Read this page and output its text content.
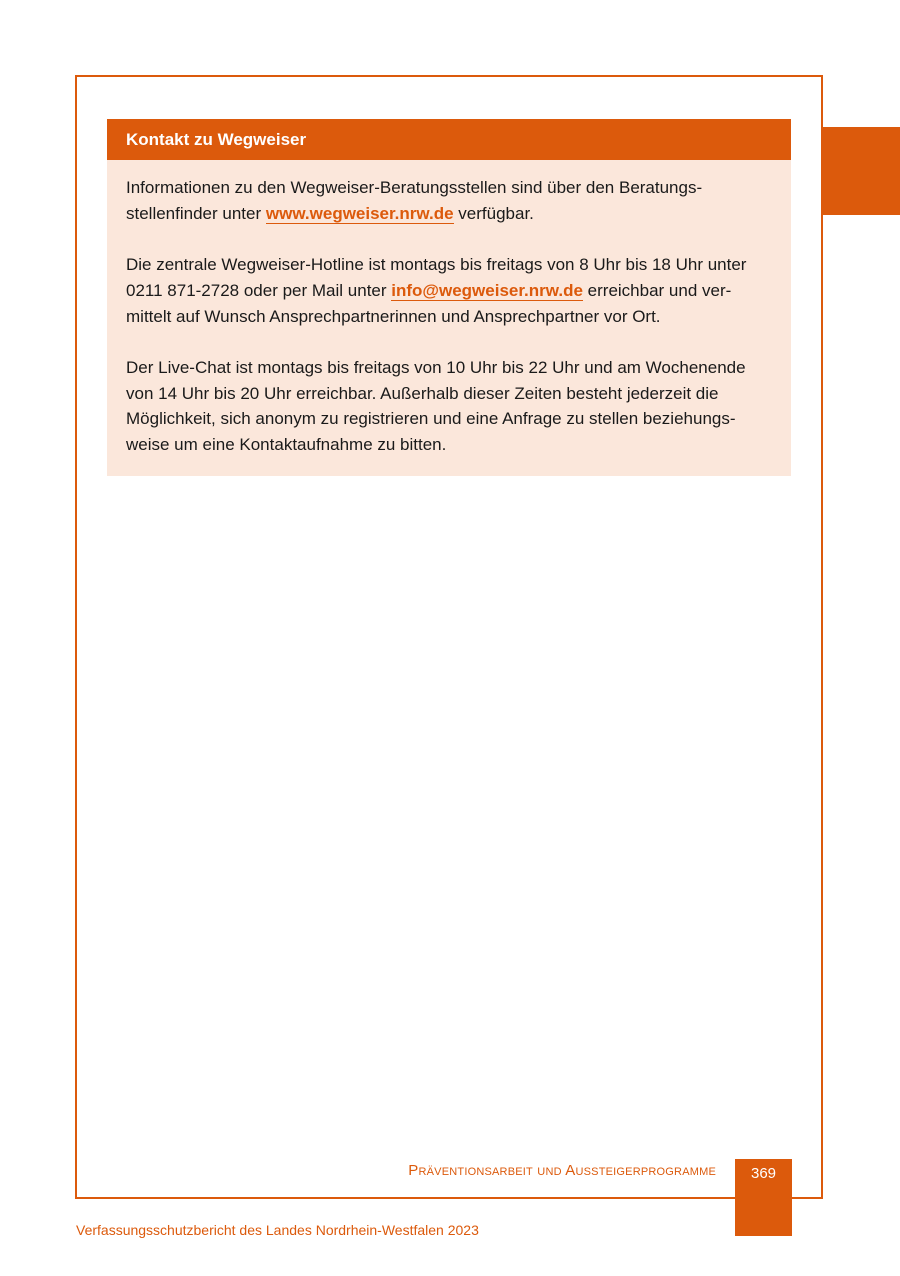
Kontakt zu Wegweiser

Informationen zu den Wegweiser-Beratungsstellen sind über den Beratungs- stellenfinder unter www.wegweiser.nrw.de verfügbar.

Die zentrale Wegweiser-Hotline ist montags bis freitags von 8 Uhr bis 18 Uhr unter 0211 871-2728 oder per Mail unter info@wegweiser.nrw.de erreichbar und ver- mittelt auf Wunsch Ansprechpartnerinnen und Ansprechpartner vor Ort.

Der Live-Chat ist montags bis freitags von 10 Uhr bis 22 Uhr und am Wochenende von 14 Uhr bis 20 Uhr erreichbar. Außerhalb dieser Zeiten besteht jederzeit die Möglichkeit, sich anonym zu registrieren und eine Anfrage zu stellen beziehungs- weise um eine Kontaktaufnahme zu bitten.

Präventionsarbeit und Aussteigerprogramme	369
Verfassungsschutzbericht des Landes Nordrhein-Westfalen 2023
